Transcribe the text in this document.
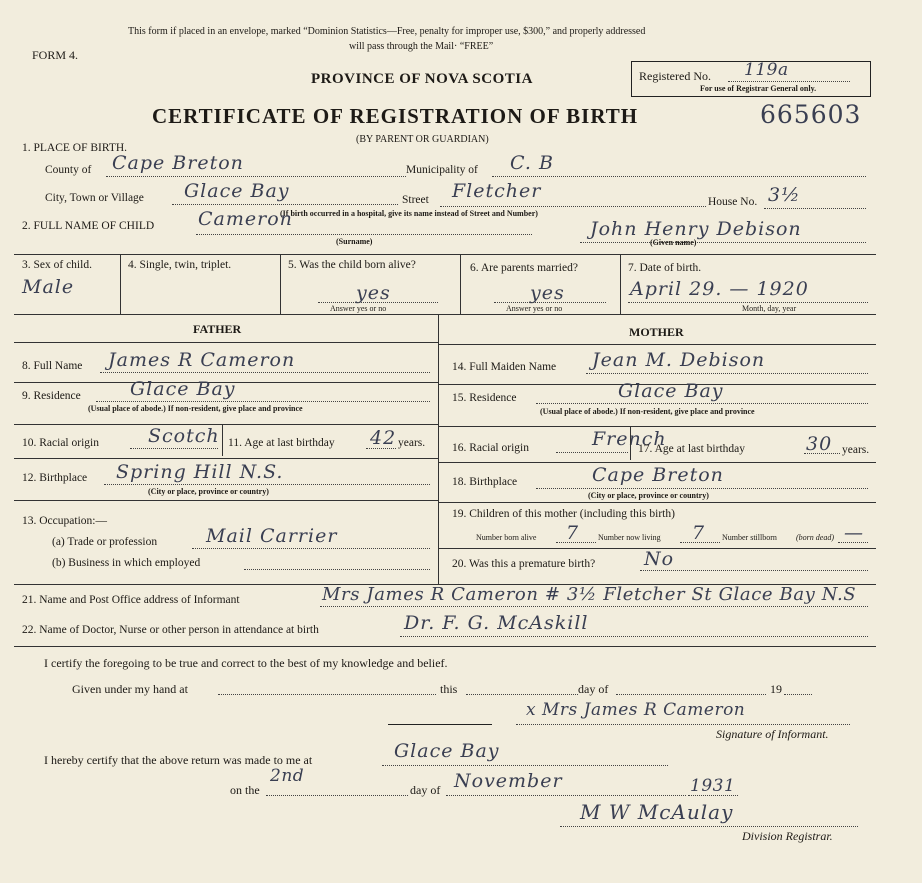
This form if placed in an envelope, marked “Dominion Statistics—Free, penalty for improper use, $300,” and properly addressed
will pass through the Mail· “FREE”
FORM 4.
PROVINCE OF NOVA SCOTIA	Registered No. 119a
For use of Registrar General only.
CERTIFICATE OF REGISTRATION OF BIRTH	665603
(BY PARENT OR GUARDIAN)
1. PLACE OF BIRTH.
County of Cape Breton	Municipality of C. B
City, Town or Village Glace Bay	Street Fletcher	House No. 3½
(If birth occurred in a hospital, give its name instead of Street and Number)
2. FULL NAME OF CHILD Cameron
(Surname)
John Henry Debison
(Given name)
3. Sex of child.
Male
4. Single, twin, triplet.	5. Was the child born alive?
yes
Answer yes or no
6. Are parents married?
yes
Answer yes or no
7. Date of birth.
April 29. — 1920
Month, day, year
FATHER	MOTHER
8. Full Name James R Cameron
9. Residence	Glace Bay
(Usual place of abode.) If non-resident, give place and province
10. Racial origin	Scotch 11. Age at last birthday 42 years.
12. Birthplace Spring Hill N.S.
(City or place, province or country)
13. Occupation:—
(a) Trade or profession	Mail Carrier
(b) Business in which employed
14. Full Maiden Name Jean M. Debison
15. Residence	Glace Bay
(Usual place of abode.) If non-resident, give place and province
16. Racial origin	French
17. Age at last birthday	30 years.
18. Birthplace	Cape Breton
(City or place, province or country)
19. Children of this mother (including this birth)
Number born alive 7 Number now living 7 Number stillborn (born dead) —
20. Was this a premature birth?	No
21. Name and Post Office address of Informant	Mrs James R Cameron # 3½ Fletcher St Glace Bay N.S
22. Name of Doctor, Nurse or other person in attendance at birth	Dr. F. G. McAskill
I certify the foregoing to be true and correct to the best of my knowledge and belief.
Given under my hand at	this	day of	19
x Mrs James R Cameron
Signature of Informant.
I hereby certify that the above return was made to me at	Glace Bay
on the
2nd
day of November	1931
M W McAulay
Division Registrar.
